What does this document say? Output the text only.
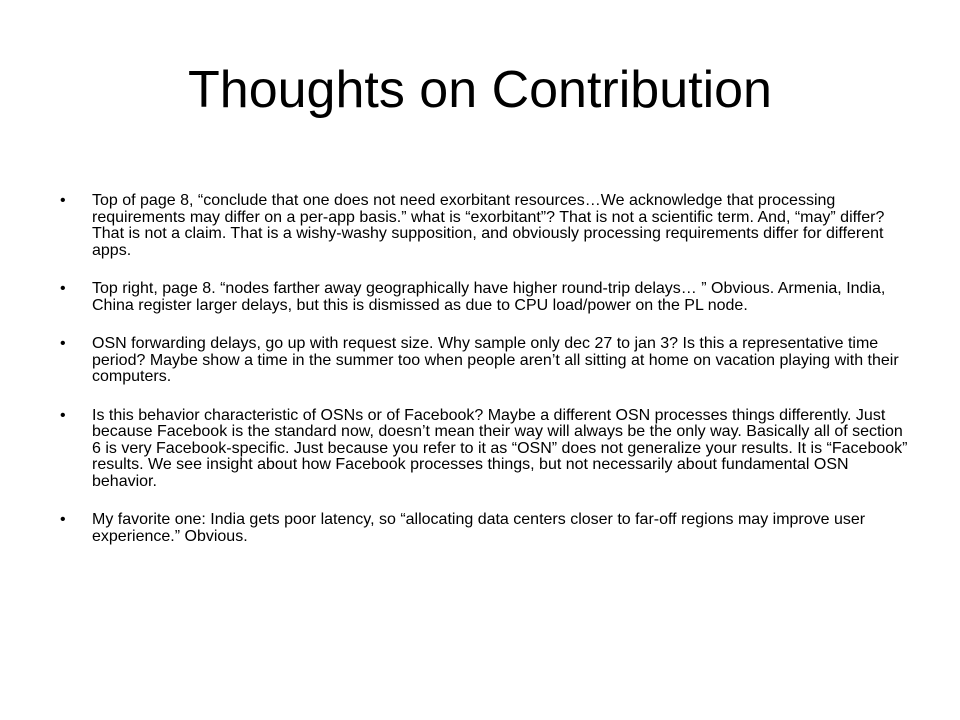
Thoughts on Contribution
•	Top of page 8, “conclude that one does not need exorbitant resources…We acknowledge that processing requirements may differ on a per-app basis.” what is “exorbitant”? That is not a scientific term. And, “may” differ? That is not a claim. That is a wishy-washy supposition, and obviously processing requirements differ for different apps.
•	Top right, page 8. “nodes farther away geographically have higher round-trip delays… ” Obvious. Armenia, India, China register larger delays, but this is dismissed as due to CPU load/power on the PL node.
•	OSN forwarding delays, go up with request size. Why sample only dec 27 to jan 3? Is this a representative time period? Maybe show a time in the summer too when people aren’t all sitting at home on vacation playing with their computers.
•	Is this behavior characteristic of OSNs or of Facebook? Maybe a different OSN processes things differently. Just because Facebook is the standard now, doesn’t mean their way will always be the only way. Basically all of section 6 is very Facebook-specific. Just because you refer to it as “OSN” does not generalize your results. It is “Facebook” results. We see insight about how Facebook processes things, but not necessarily about fundamental OSN behavior.
•	My favorite one: India gets poor latency, so “allocating data centers closer to far-off regions may improve user experience.” Obvious.
